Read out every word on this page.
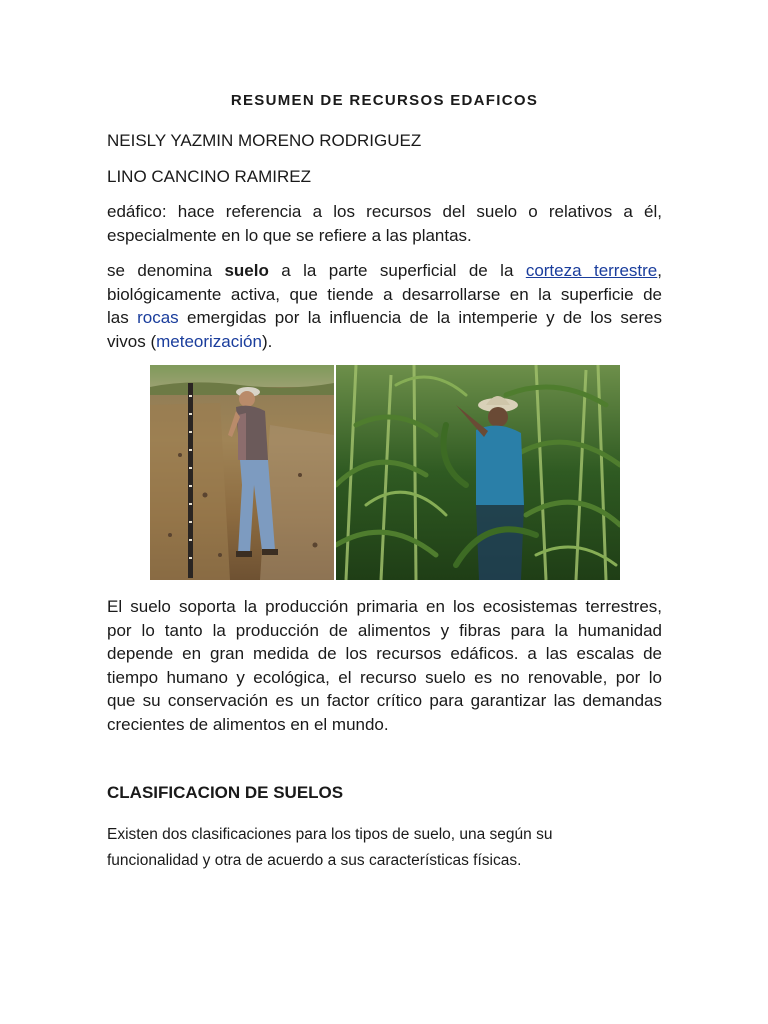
RESUMEN DE RECURSOS EDAFICOS
NEISLY YAZMIN MORENO RODRIGUEZ
LINO CANCINO RAMIREZ
edáfico: hace referencia a los recursos del suelo o relativos a él,
especialmente en lo que se refiere a las plantas.
se denomina suelo a la parte superficial de la corteza terrestre,
biológicamente activa, que tiende a desarrollarse en la superficie de
las rocas emergidas por la influencia de la intemperie y de los seres
vivos (meteorización).
El suelo soporta la producción primaria en los ecosistemas terrestres,
por lo tanto la producción de alimentos y fibras para la humanidad
depende en gran medida de los recursos edáficos. a las escalas de
tiempo humano y ecológica, el recurso suelo es no renovable, por lo
que su conservación es un factor crítico para garantizar las demandas
crecientes de alimentos en el mundo.
CLASIFICACION DE SUELOS
Existen dos clasificaciones para los tipos de suelo, una según su
funcionalidad y otra de acuerdo a sus características físicas.
